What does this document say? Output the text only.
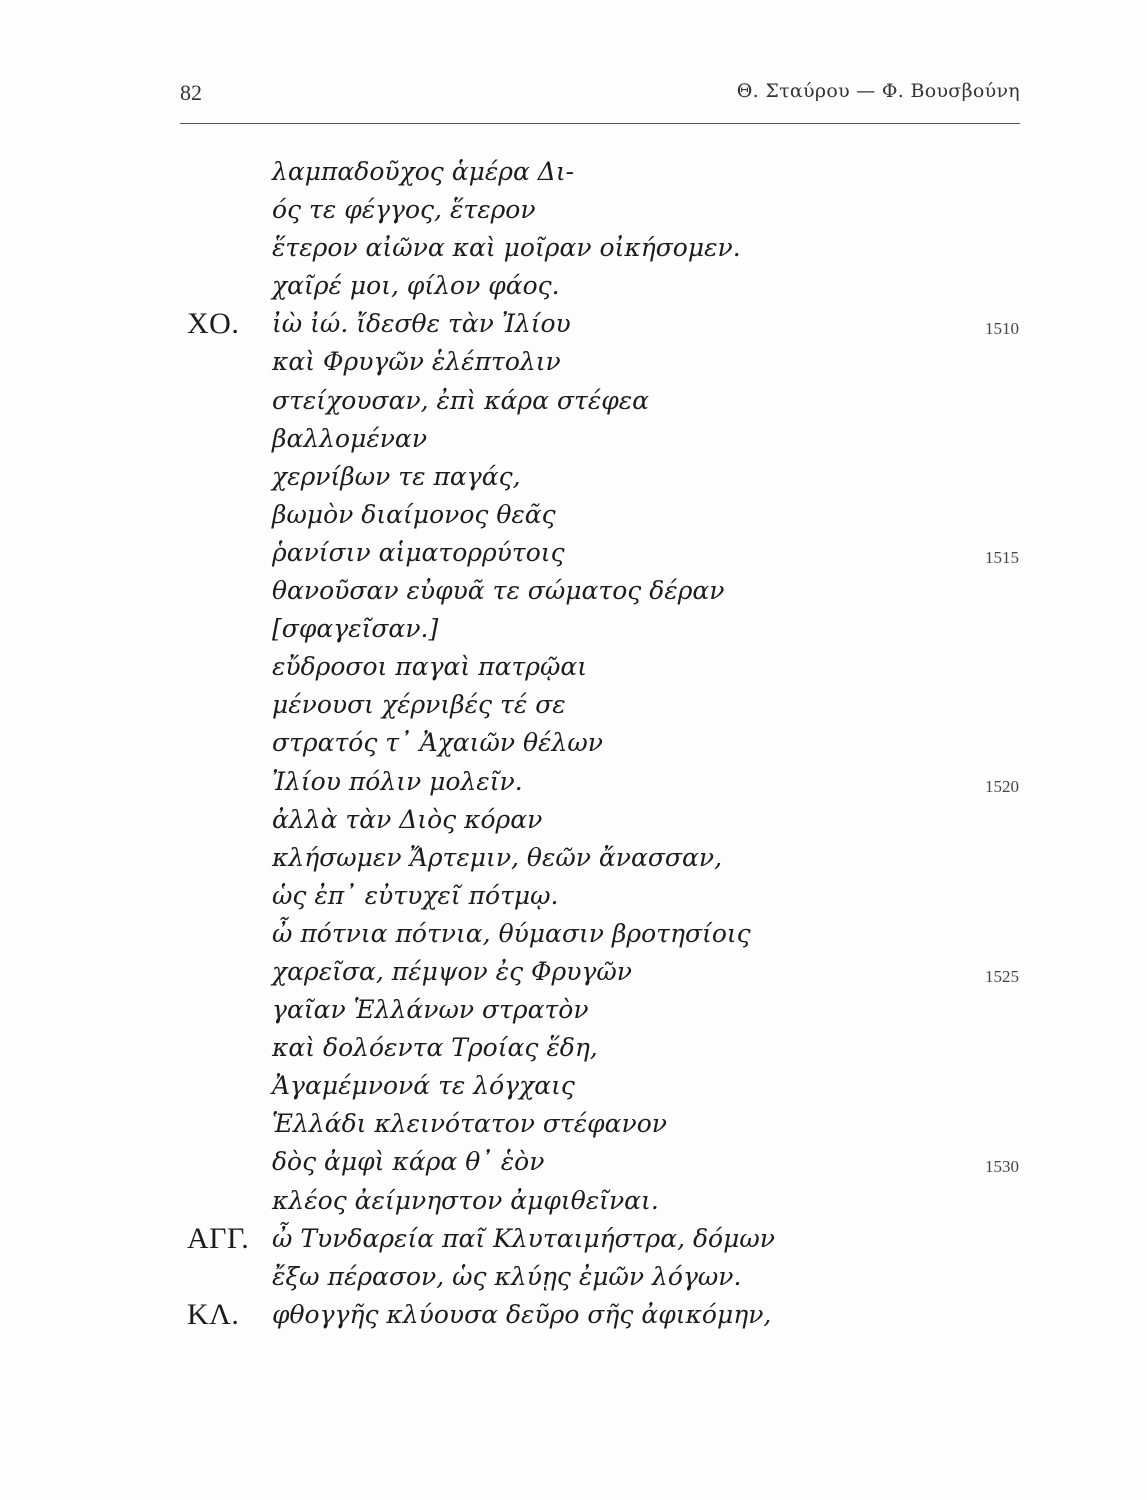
82	Θ. Σταύρου — Φ. Βουσβούνη
λαμπαδοῦχος ἁμέρα Δι-
ός τε φέγγος, ἕτερον
ἕτερον αἰῶνα καὶ μοῖραν οἰκήσομεν.
χαῖρέ μοι, φίλον φάος.
ΧΟ. ἰὼ ἰώ. ἴδεσθε τὰν Ἰλίου	1510
καὶ Φρυγῶν ἑλέπτολιν
στείχουσαν, ἐπὶ κάρα στέφεα
βαλλομέναν
χερνίβων τε παγάς,
βωμὸν διαίμονος θεᾶς
ῥανίσιν αἱματορρύτοις	1515
θανοῦσαν εὐφυᾶ τε σώματος δέραν
[σφαγεῖσαν.]
εὔδροσοι παγαὶ πατρῷαι
μένουσι χέρνιβές τέ σε
στρατός τ᾽ Ἀχαιῶν θέλων
Ἰλίου πόλιν μολεῖν.	1520
ἀλλὰ τὰν Διὸς κόραν
κλήσωμεν Ἄρτεμιν, θεῶν ἄνασσαν,
ὡς ἐπ᾽ εὐτυχεῖ πότμῳ.
ὦ πότνια πότνια, θύμασιν βροτησίοις
χαρεῖσα, πέμψον ἐς Φρυγῶν	1525
γαῖαν Ἑλλάνων στρατὸν
καὶ δολόεντα Τροίας ἕδη,
Ἀγαμέμνονά τε λόγχαις
Ἑλλάδι κλεινότατον στέφανον
δὸς ἀμφὶ κάρα θ᾽ ἑὸν	1530
κλέος ἀείμνηστον ἀμφιθεῖναι.
ΑΓΓ. ὦ Τυνδαρεία παῖ Κλυταιμήστρα, δόμων
ἔξω πέρασον, ὡς κλύῃς ἐμῶν λόγων.
ΚΛ. φθογγῆς κλύουσα δεῦρο σῆς ἀφικόμην,
